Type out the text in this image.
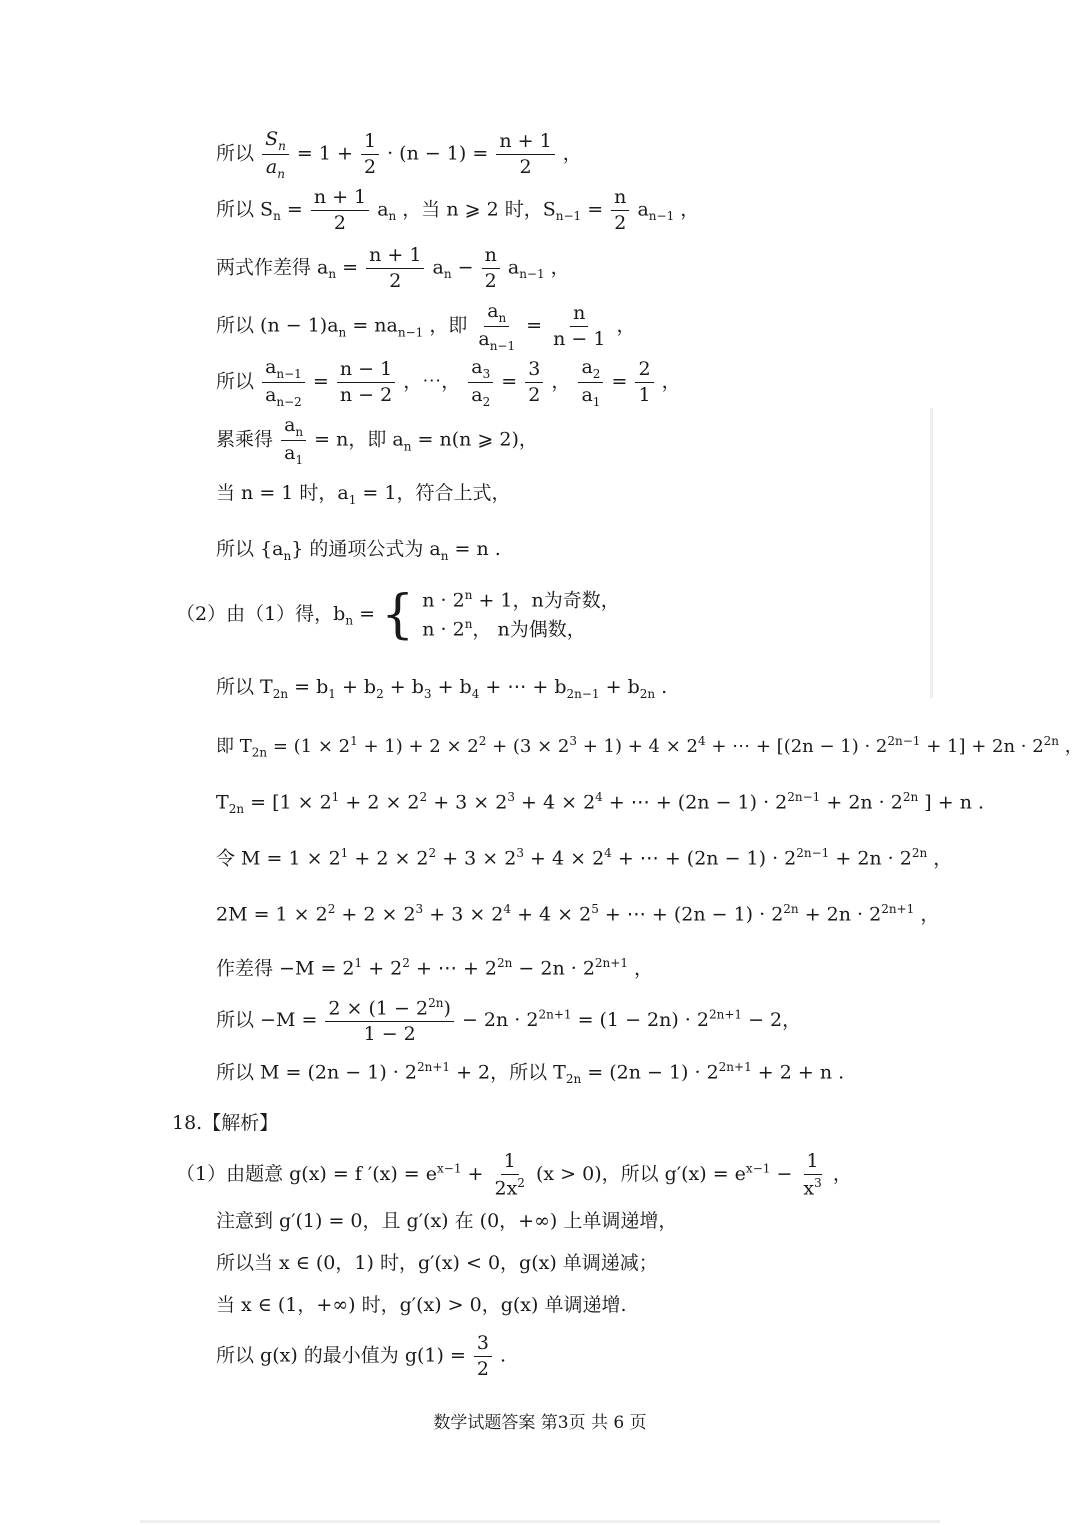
所以 $\frac{S_n}{a_n} = 1 + \frac{1}{2} \cdot (n - 1) = \frac{n + 1}{2}$ ，
所以 $S_n = \frac{n + 1}{2} a_n$ ，当 n ⩾ 2 时，$S_{n-1} = \frac{n}{2} a_{n-1}$ ，
两式作差得 $a_n = \frac{n + 1}{2} a_n - \frac{n}{2} a_{n-1}$ ，
所以 $(n - 1)a_n = na_{n-1}$ ，即 $\frac{a_n}{a_{n-1}} = \frac{n}{n - 1}$ ，
所以 $\frac{a_{n-1}}{a_{n-2}} = \frac{n - 1}{n - 2}$ ，⋯， $\frac{a_3}{a_2} = \frac{3}{2}$ ， $\frac{a_2}{a_1} = \frac{2}{1}$ ，
累乘得 $\frac{a_n}{a_1} = n$，即 $a_n = n(n$ ⩾ 2)，
当 n = 1 时，$a_1 = 1$，符合上式，
所以 $\{a_n\}$ 的通项公式为 $a_n = n$ .
（2）由（1）得，$b_n$ = { $n \cdot 2^n + 1$，n为奇数，
$n \cdot 2^n$， n为偶数，
所以 $T_{2n} = b_1 + b_2 + b_3 + b_4$ + ⋯ + $b_{2n-1} + b_{2n}$ .
即 $T_{2n} = (1 \times 2^1 + 1) + 2 \times 2^2 + (3 \times 2^3 + 1) + 4 \times 2^4$ + ⋯ + $[(2n - 1) \cdot 2^{2n-1} + 1] + 2n \cdot 2^{2n}$ ，
$T_{2n} = [1 \times 2^1 + 2 \times 2^2 + 3 \times 2^3 + 4 \times 2^4$ + ⋯ + $(2n - 1) \cdot 2^{2n-1} + 2n \cdot 2^{2n}$ ] + n .
令 $M = 1 \times 2^1 + 2 \times 2^2 + 3 \times 2^3 + 4 \times 2^4$ + ⋯ + $(2n - 1) \cdot 2^{2n-1} + 2n \cdot 2^{2n}$ ，
$2M = 1 \times 2^2 + 2 \times 2^3 + 3 \times 2^4 + 4 \times 2^5$ + ⋯ + $(2n - 1) \cdot 2^{2n} + 2n \cdot 2^{2n+1}$ ，
作差得 $-M = 2^1 + 2^2$ + ⋯ + $2^{2n} - 2n \cdot 2^{2n+1}$ ，
所以 $-M = \frac{2 \times (1 - 2^{2n})}{1 - 2} - 2n \cdot 2^{2n+1} = (1 - 2n) \cdot 2^{2n+1} - 2$，
所以 $M = (2n - 1) \cdot 2^{2n+1} + 2$，所以 $T_{2n} = (2n - 1) \cdot 2^{2n+1} + 2 + n$ .
18.【解析】
（1）由题意 g(x) = f $'(x) = e^{x-1} + \frac{1}{2x^2} (x > 0)$，所以 $g'(x) = e^{x-1} - \frac{1}{x^3}$ ，
注意到 g′(1) = 0，且 g′(x) 在 (0，+∞) 上单调递增，
所以当 x ∈ (0，1) 时，g′(x) < 0，g(x) 单调递减；
当 x ∈ (1，+∞) 时，g′(x) > 0，g(x) 单调递增.
所以 g(x) 的最小值为 $g(1) = \frac{3}{2}$ .
数学试题答案 第3页 共 6 页
